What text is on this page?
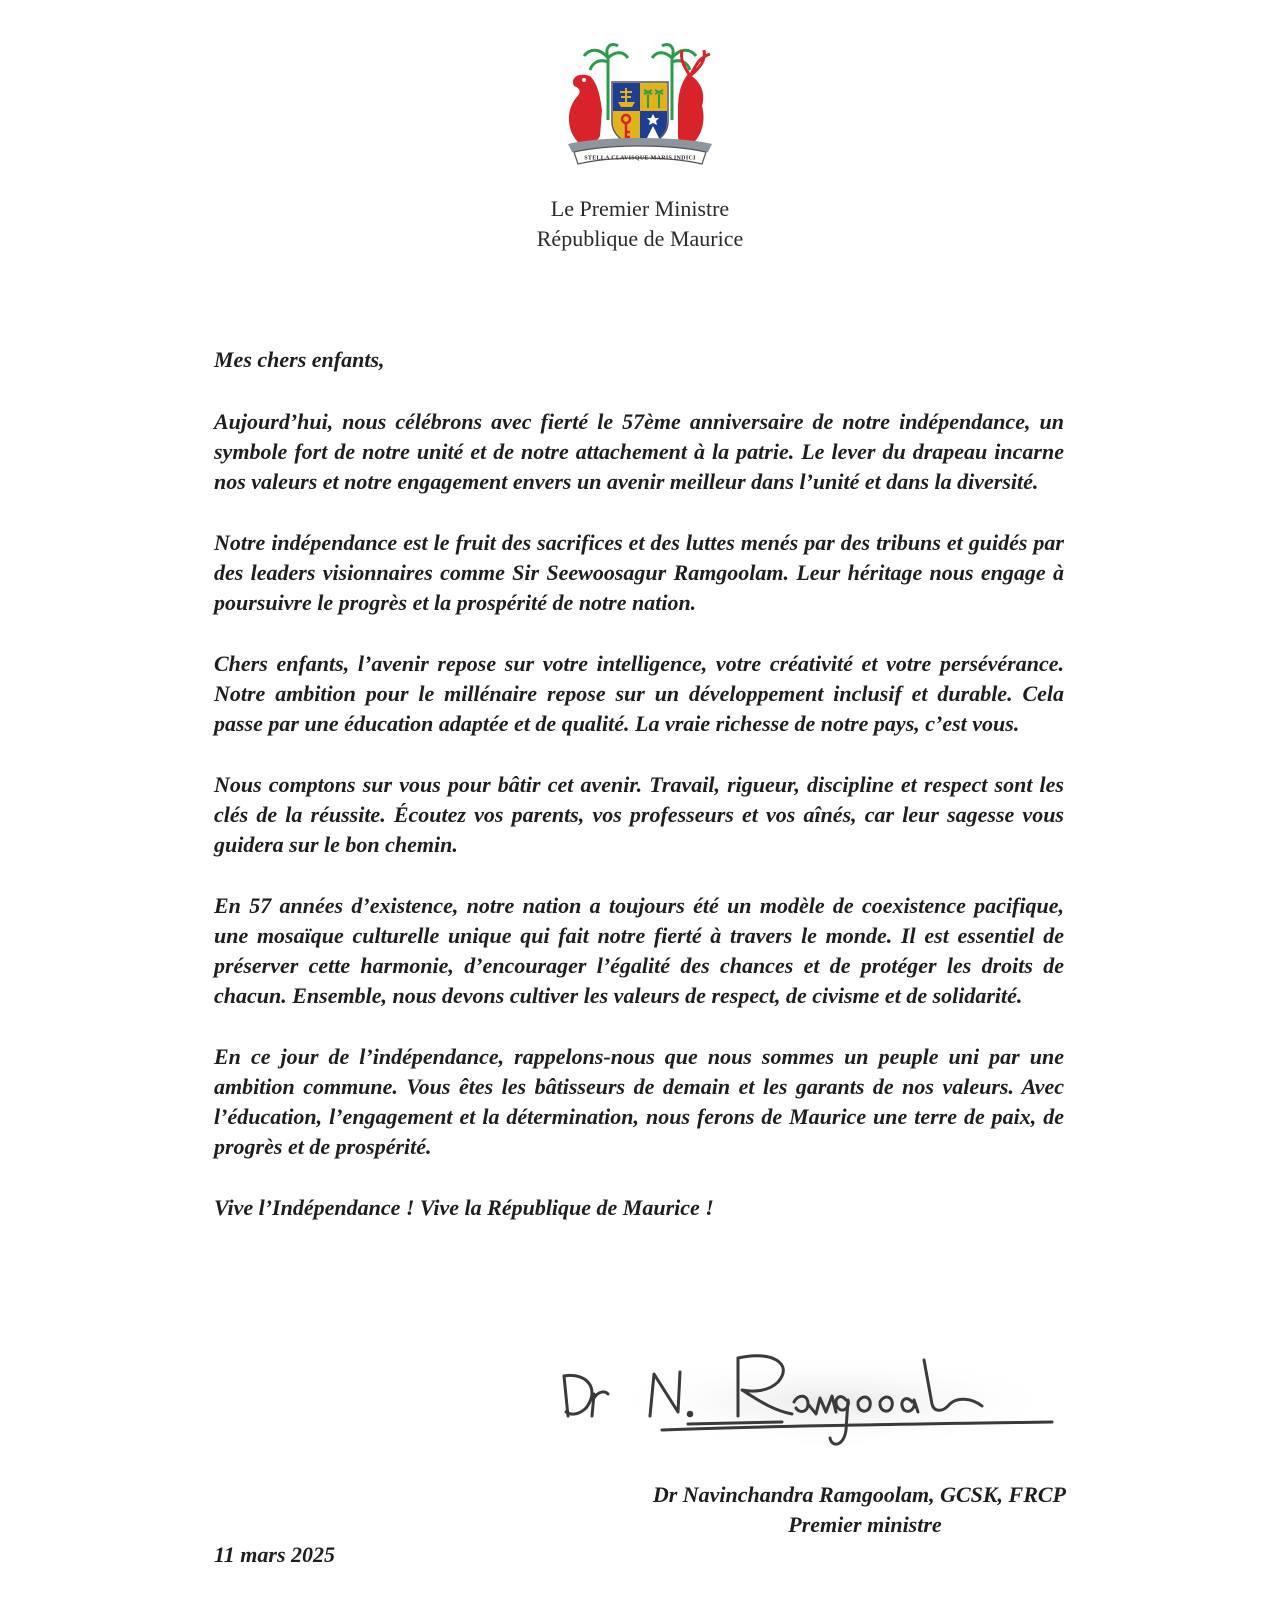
STELLA CLAVISQUE MARIS INDICI
Le Premier Ministre
République de Maurice

Mes chers enfants,

Aujourd’hui, nous célébrons avec fierté le 57ème anniversaire de notre indépendance, un symbole fort de notre unité et de notre attachement à la patrie. Le lever du drapeau incarne nos valeurs et notre engagement envers un avenir meilleur dans l’unité et dans la diversité.

Notre indépendance est le fruit des sacrifices et des luttes menés par des tribuns et guidés par des leaders visionnaires comme Sir Seewoosagur Ramgoolam. Leur héritage nous engage à poursuivre le progrès et la prospérité de notre nation.

Chers enfants, l’avenir repose sur votre intelligence, votre créativité et votre persévérance. Notre ambition pour le millénaire repose sur un développement inclusif et durable. Cela passe par une éducation adaptée et de qualité. La vraie richesse de notre pays, c’est vous.

Nous comptons sur vous pour bâtir cet avenir. Travail, rigueur, discipline et respect sont les clés de la réussite. Écoutez vos parents, vos professeurs et vos aînés, car leur sagesse vous guidera sur le bon chemin.

En 57 années d’existence, notre nation a toujours été un modèle de coexistence pacifique, une mosaïque culturelle unique qui fait notre fierté à travers le monde. Il est essentiel de préserver cette harmonie, d’encourager l’égalité des chances et de protéger les droits de chacun. Ensemble, nous devons cultiver les valeurs de respect, de civisme et de solidarité.

En ce jour de l’indépendance, rappelons-nous que nous sommes un peuple uni par une ambition commune. Vous êtes les bâtisseurs de demain et les garants de nos valeurs. Avec l’éducation, l’engagement et la détermination, nous ferons de Maurice une terre de paix, de progrès et de prospérité.

Vive l’Indépendance ! Vive la République de Maurice !

Dr Navinchandra Ramgoolam, GCSK, FRCP
Premier ministre
11 mars 2025
